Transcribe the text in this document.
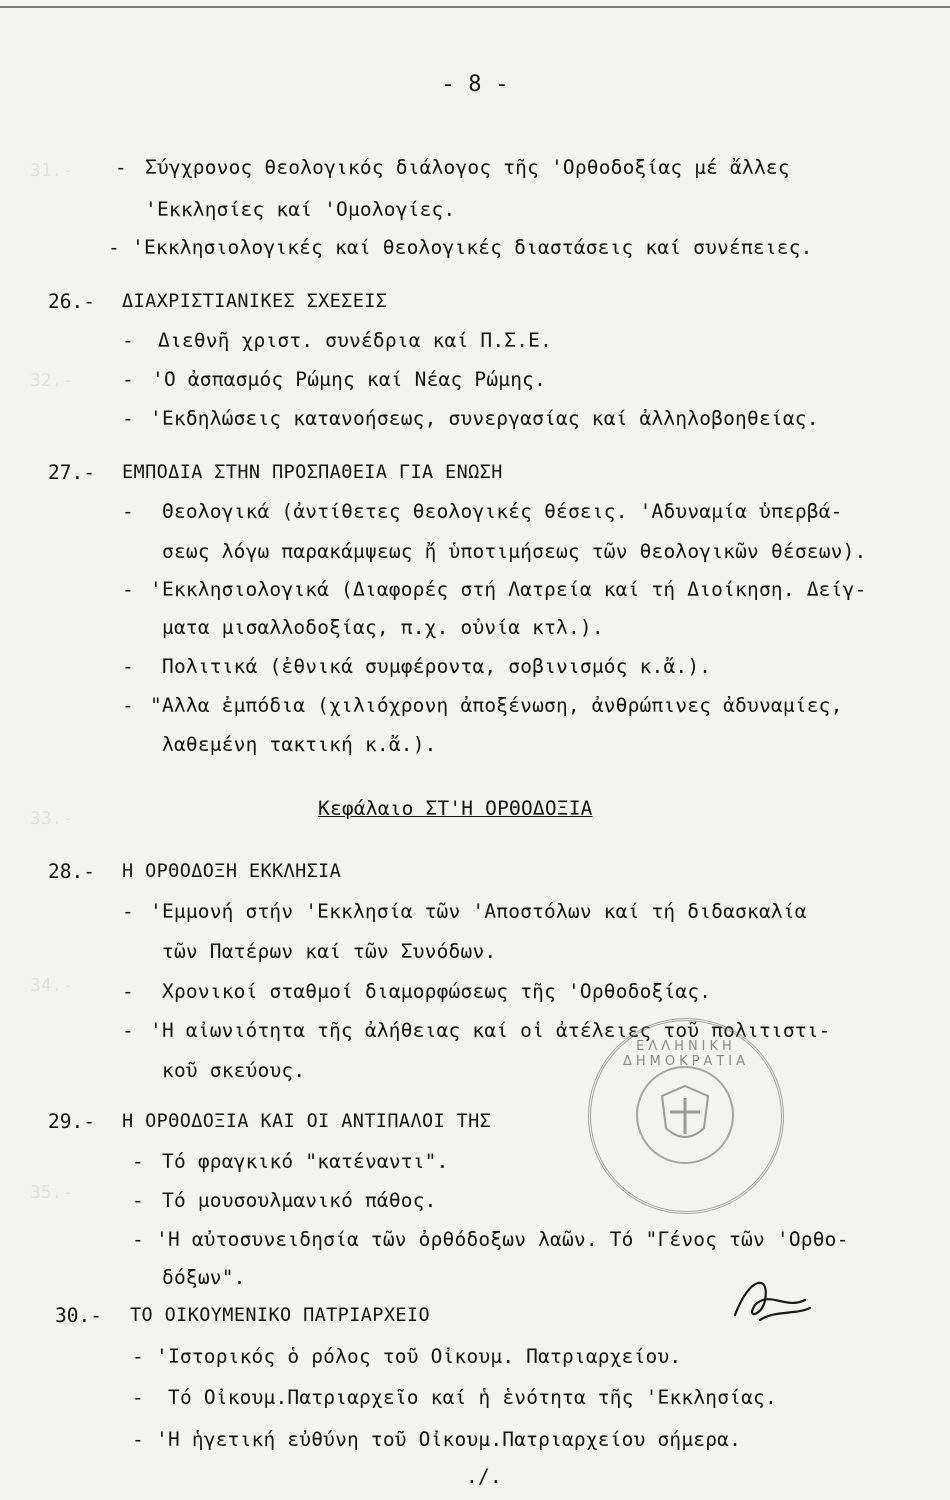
31.-
32.-
33.-
34.-
35.-
- 8 -
- Σύγχρονος θεολογικός διάλογος τῆς 'Ορθοδοξίας μέ ἄλλες
'Εκκλησίες καί 'Ομολογίες.
- 'Εκκλησιολογικές καί θεολογικές διαστάσεις καί συνέπειες.
26.- ΔΙΑΧΡΙΣΤΙΑΝΙΚΕΣ ΣΧΕΣΕΙΣ
- Διεθνῆ χριστ. συνέδρια καί Π.Σ.Ε.
- 'Ο ἀσπασμός Ρώμης καί Νέας Ρώμης.
- 'Εκδηλώσεις κατανοήσεως, συνεργασίας καί ἀλληλοβοηθείας.
27.- ΕΜΠΟΔΙΑ ΣΤΗΝ ΠΡΟΣΠΑΘΕΙΑ ΓΙΑ ΕΝΩΣΗ
- Θεολογικά (ἀντίθετες θεολογικές θέσεις. 'Αδυναμία ὑπερβά-
σεως λόγω παρακάμψεως ἤ ὑποτιμήσεως τῶν θεολογικῶν θέσεων).
- 'Εκκλησιολογικά (Διαφορές στή Λατρεία καί τή Διοίκηση. Δείγ-
ματα μισαλλοδοξίας, π.χ. οὐνία κτλ.).
- Πολιτικά (ἐθνικά συμφέροντα, σοβινισμός κ.ἄ.).
- "Αλλα ἐμπόδια (χιλιόχρονη ἀποξένωση, ἀνθρώπινες ἀδυναμίες,
λαθεμένη τακτική κ.ἄ.).
Κεφάλαιο ΣΤ'Η ΟΡΘΟΔΟΞΙΑ
28.- Η ΟΡΘΟΔΟΞΗ ΕΚΚΛΗΣΙΑ
- 'Εμμονή στήν 'Εκκλησία τῶν 'Αποστόλων καί τή διδασκαλία
τῶν Πατέρων καί τῶν Συνόδων.
- Χρονικοί σταθμοί διαμορφώσεως τῆς 'Ορθοδοξίας.
- 'Η αἰωνιότητα τῆς ἀλήθειας καί οἱ ἀτέλειες τοῦ πολιτιστι-
κοῦ σκεύους.
29.- Η ΟΡΘΟΔΟΞΙΑ ΚΑΙ ΟΙ ΑΝΤΙΠΑΛΟΙ ΤΗΣ
- Τό φραγκικό "κατέναντι".
- Τό μουσουλμανικό πάθος.
- 'Η αὐτοσυνειδησία τῶν ὀρθόδοξων λαῶν. Τό "Γένος τῶν 'Ορθο-
δόξων".
30.- ΤΟ ΟΙΚΟΥΜΕΝΙΚΟ ΠΑΤΡΙΑΡΧΕΙΟ
- 'Ιστορικός ὁ ρόλος τοῦ Οἰκουμ. Πατριαρχείου.
- Τό Οἰκουμ.Πατριαρχεῖο καί ἡ ἑνότητα τῆς 'Εκκλησίας.
- 'Η ἡγετική εὐθύνη τοῦ Οἰκουμ.Πατριαρχείου σήμερα.
./.
ΕΛΛΗΝΙΚΗ ΔΗΜΟΚΡΑΤΙΑ
